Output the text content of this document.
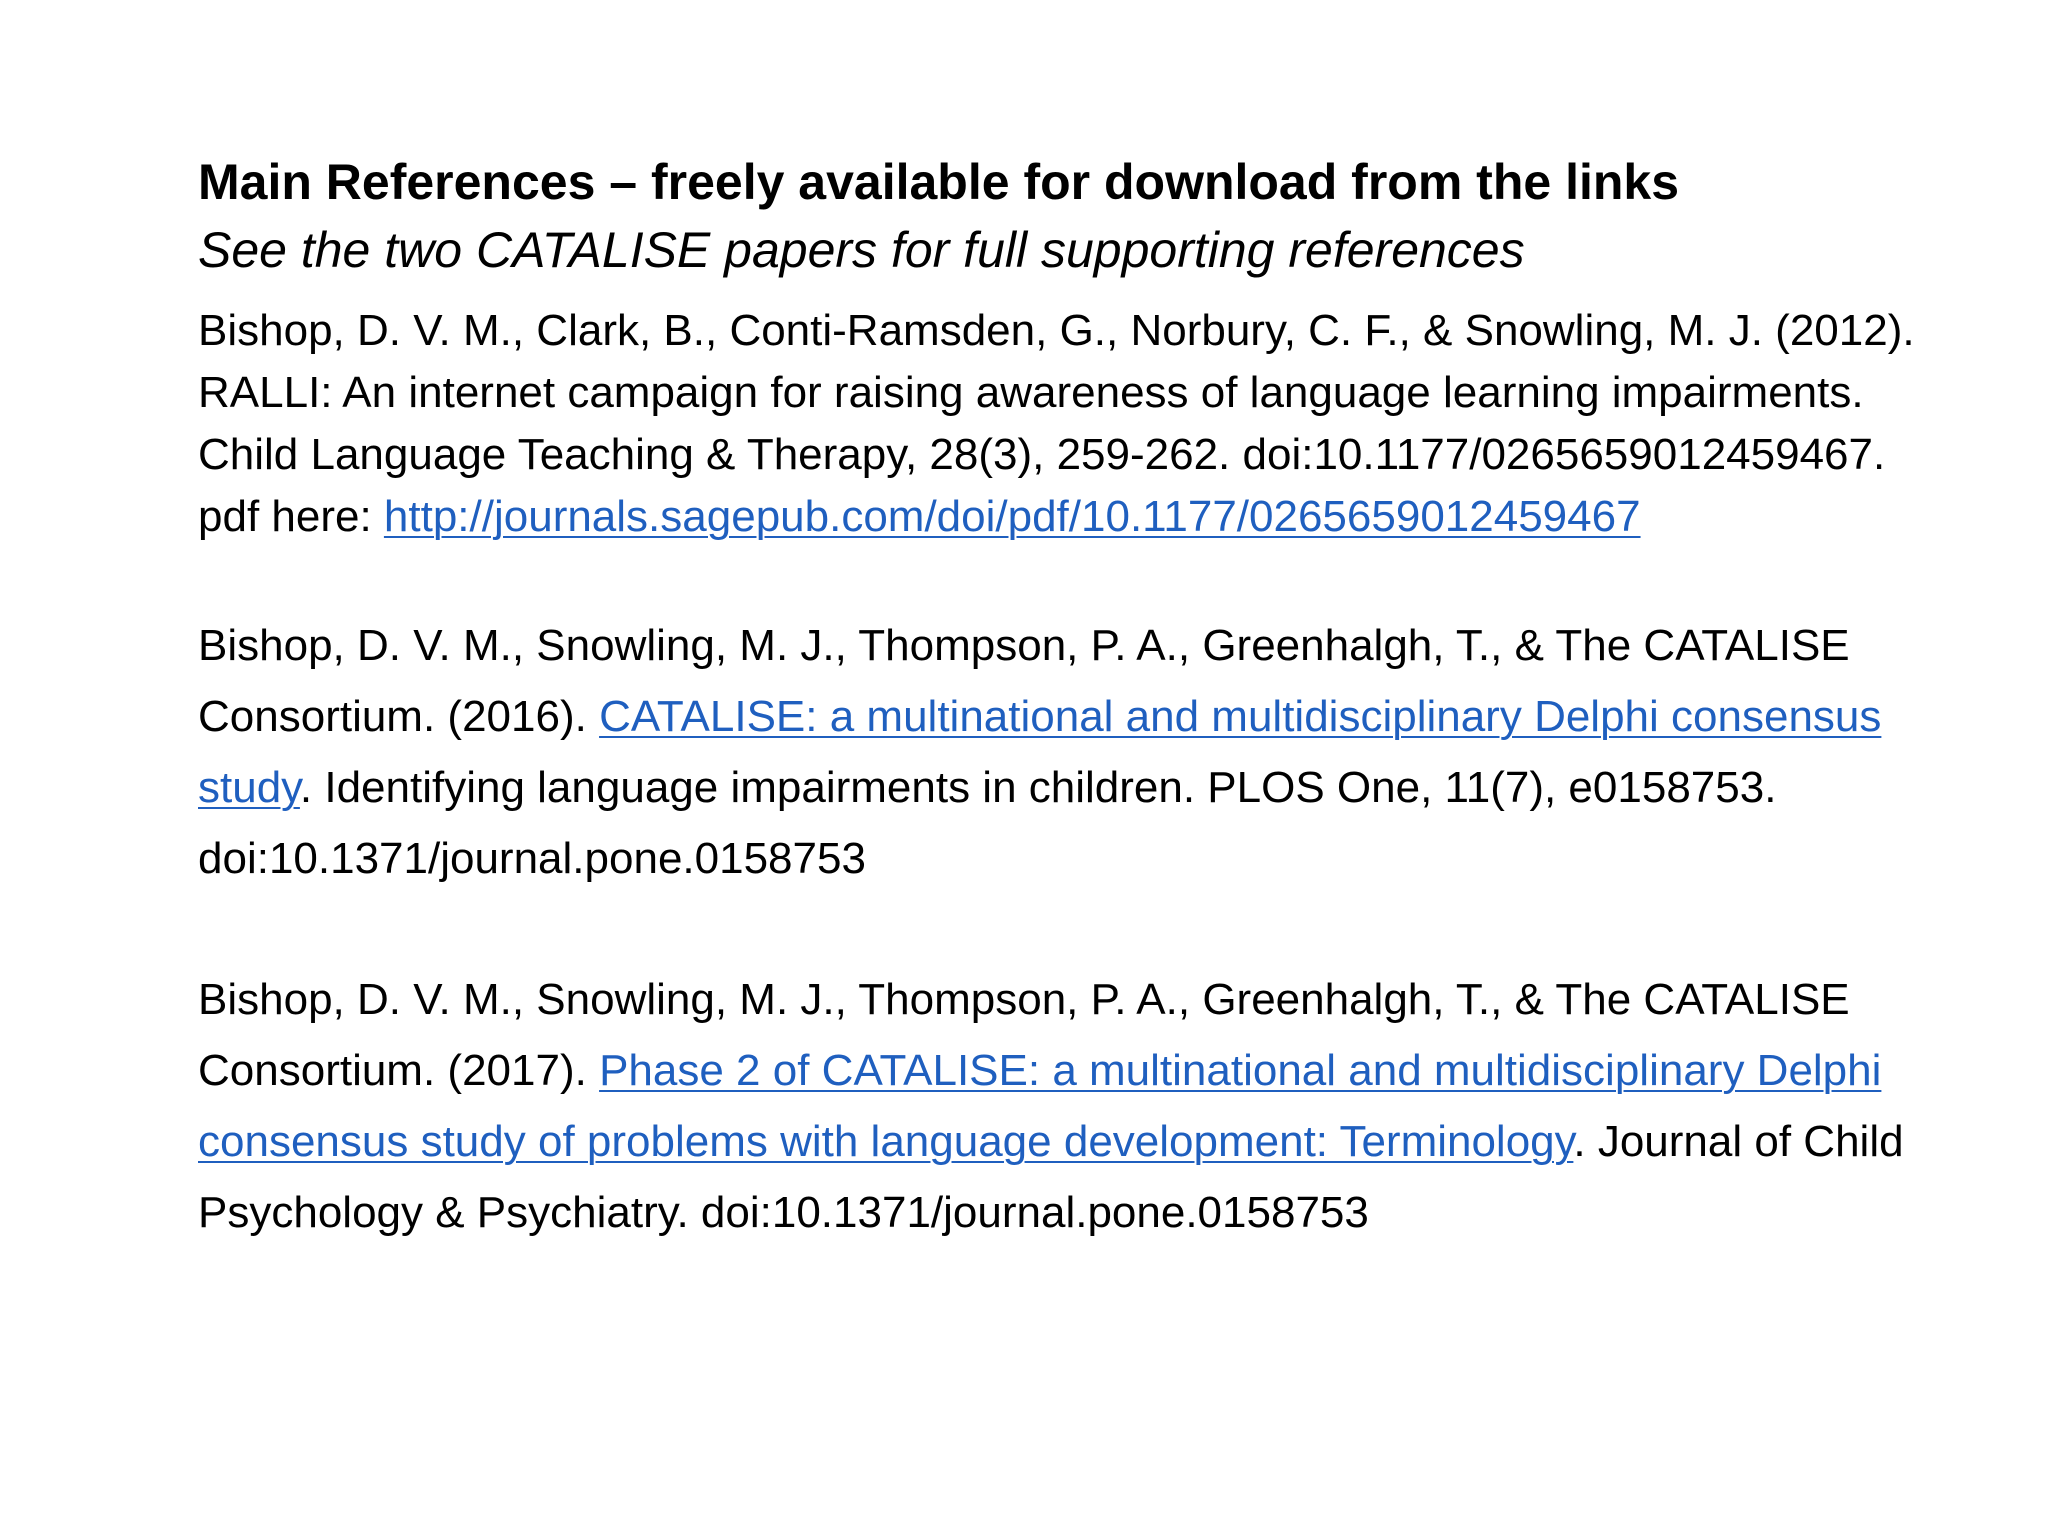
Main References – freely available for download from the links

See the two CATALISE papers for full supporting references

Bishop, D. V. M., Clark, B., Conti-Ramsden, G., Norbury, C. F., & Snowling, M. J. (2012). RALLI: An internet campaign for raising awareness of language learning impairments. Child Language Teaching & Therapy, 28(3), 259-262. doi:10.1177/0265659012459467. pdf here: http://journals.sagepub.com/doi/pdf/10.1177/0265659012459467

Bishop, D. V. M., Snowling, M. J., Thompson, P. A., Greenhalgh, T., & The CATALISE Consortium. (2016). CATALISE: a multinational and multidisciplinary Delphi consensus study. Identifying language impairments in children. PLOS One, 11(7), e0158753. doi:10.1371/journal.pone.0158753

Bishop, D. V. M., Snowling, M. J., Thompson, P. A., Greenhalgh, T., & The CATALISE Consortium. (2017). Phase 2 of CATALISE: a multinational and multidisciplinary Delphi consensus study of problems with language development: Terminology. Journal of Child Psychology & Psychiatry. doi:10.1371/journal.pone.0158753
